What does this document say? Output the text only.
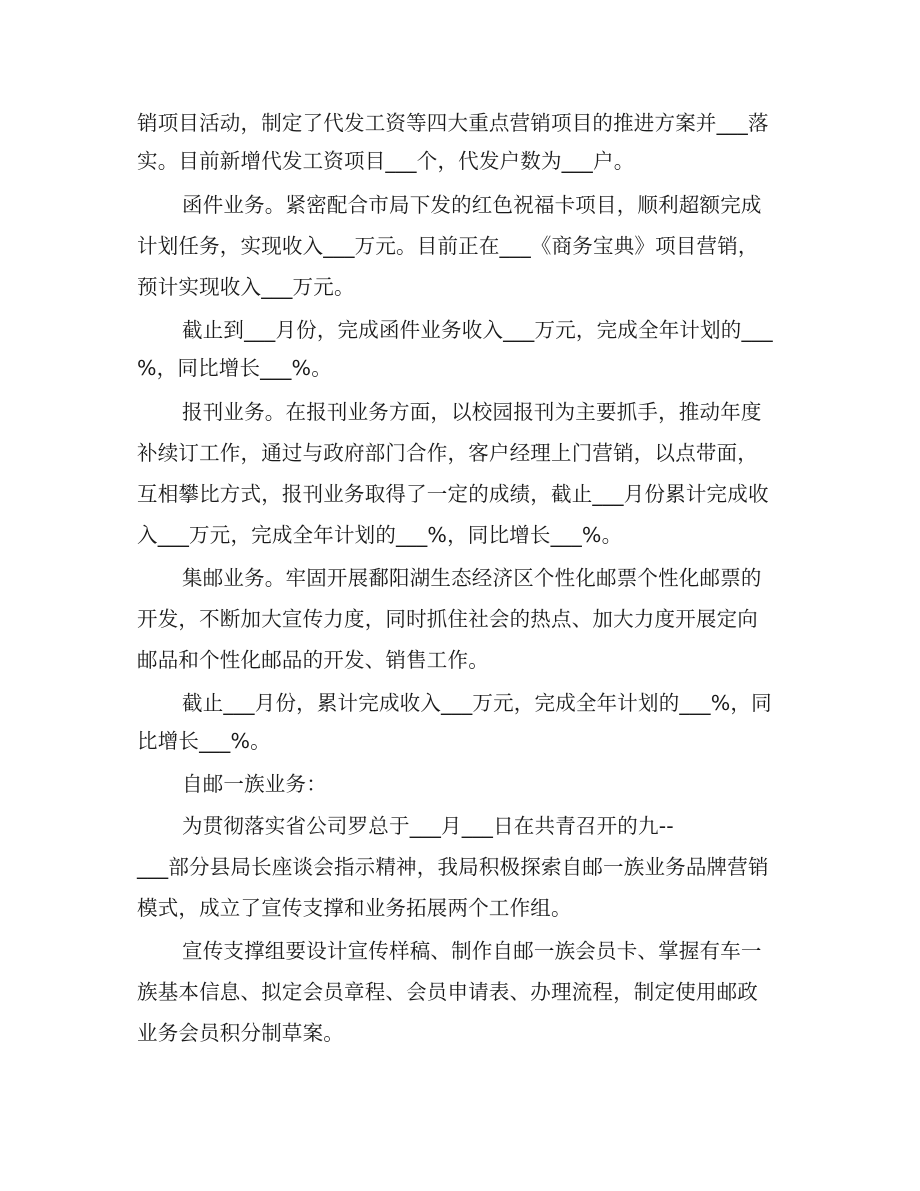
销项目活动，制定了代发工资等四大重点营销项目的推进方案并___落

实。目前新增代发工资项目___个，代发户数为___户。

函件业务。紧密配合市局下发的红色祝福卡项目，顺利超额完成

计划任务，实现收入___万元。目前正在___《商务宝典》项目营销，

预计实现收入___万元。

截止到___月份，完成函件业务收入___万元，完成全年计划的___

%，同比增长___%。

报刊业务。在报刊业务方面，以校园报刊为主要抓手，推动年度

补续订工作，通过与政府部门合作，客户经理上门营销，以点带面，

互相攀比方式，报刊业务取得了一定的成绩，截止___月份累计完成收

入___万元，完成全年计划的___%，同比增长___%。

集邮业务。牢固开展鄱阳湖生态经济区个性化邮票个性化邮票的

开发，不断加大宣传力度，同时抓住社会的热点、加大力度开展定向

邮品和个性化邮品的开发、销售工作。

截止___月份，累计完成收入___万元，完成全年计划的___%，同

比增长___%。

自邮一族业务：

为贯彻落实省公司罗总于___月___日在共青召开的九--

___部分县局长座谈会指示精神，我局积极探索自邮一族业务品牌营销

模式，成立了宣传支撑和业务拓展两个工作组。

宣传支撑组要设计宣传样稿、制作自邮一族会员卡、掌握有车一

族基本信息、拟定会员章程、会员申请表、办理流程，制定使用邮政

业务会员积分制草案。
